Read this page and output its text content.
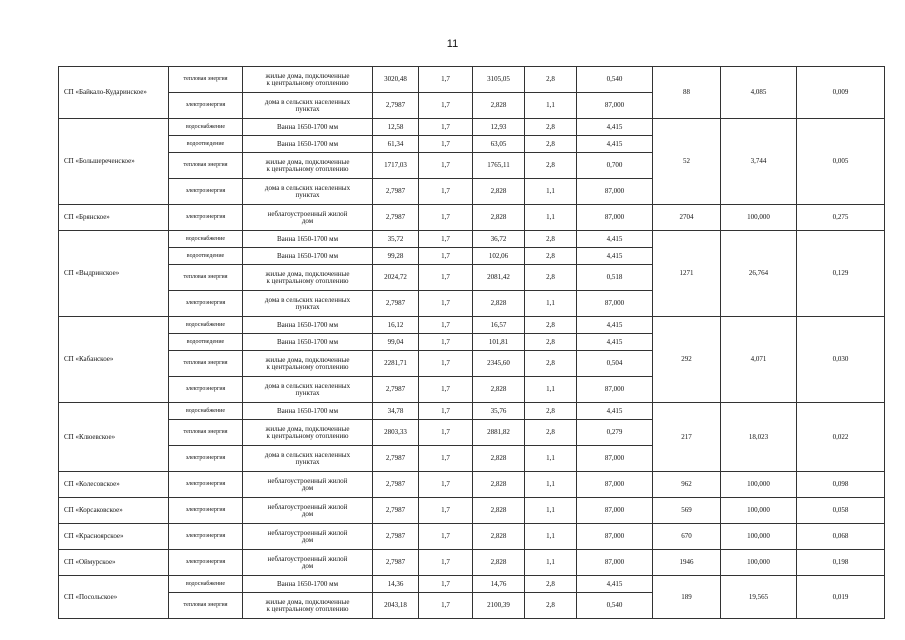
11
СП «Байкало-Кударинское»	тепловая энергия	жилые дома, подключенные
к центральному отоплению	3020,48	1,7	3105,05	2,8	0,540	88	4,085	0,009
	электроэнергия	дома в сельских населенных
пунктах	2,7987	1,7	2,828	1,1	87,000			
СП «Большереченское»	водоснабжение	Ванна 1650-1700 мм	12,58	1,7	12,93	2,8	4,415	52	3,744	0,005
	водоотведение	Ванна 1650-1700 мм	61,34	1,7	63,05	2,8	4,415			
	тепловая энергия	жилые дома, подключенные
к центральному отоплению	1717,03	1,7	1765,11	2,8	0,700			
	электроэнергия	дома в сельских населенных
пунктах	2,7987	1,7	2,828	1,1	87,000			
СП «Брянское»	электроэнергия	неблагоустроенный жилой
дом	2,7987	1,7	2,828	1,1	87,000	2704	100,000	0,275
СП «Выдринское»	водоснабжение	Ванна 1650-1700 мм	35,72	1,7	36,72	2,8	4,415	1271	26,764	0,129
	водоотведение	Ванна 1650-1700 мм	99,28	1,7	102,06	2,8	4,415			
	тепловая энергия	жилые дома, подключенные
к центральному отоплению	2024,72	1,7	2081,42	2,8	0,518			
	электроэнергия	дома в сельских населенных
пунктах	2,7987	1,7	2,828	1,1	87,000			
СП «Кабанское»	водоснабжение	Ванна 1650-1700 мм	16,12	1,7	16,57	2,8	4,415	292	4,071	0,030
	водоотведение	Ванна 1650-1700 мм	99,04	1,7	101,81	2,8	4,415			
	тепловая энергия	жилые дома, подключенные
к центральному отоплению	2281,71	1,7	2345,60	2,8	0,504			
	электроэнергия	дома в сельских населенных
пунктах	2,7987	1,7	2,828	1,1	87,000			
СП «Клюевское»	водоснабжение	Ванна 1650-1700 мм	34,78	1,7	35,76	2,8	4,415	217	18,023	0,022
	тепловая энергия	жилые дома, подключенные
к центральному отоплению	2803,33	1,7	2881,82	2,8	0,279			
	электроэнергия	дома в сельских населенных
пунктах	2,7987	1,7	2,828	1,1	87,000			
СП «Колесовское»	электроэнергия	неблагоустроенный жилой
дом	2,7987	1,7	2,828	1,1	87,000	962	100,000	0,098
СП «Корсаковское»	электроэнергия	неблагоустроенный жилой
дом	2,7987	1,7	2,828	1,1	87,000	569	100,000	0,058
СП «Красноярское»	электроэнергия	неблагоустроенный жилой
дом	2,7987	1,7	2,828	1,1	87,000	670	100,000	0,068
СП «Оймурское»	электроэнергия	неблагоустроенный жилой
дом	2,7987	1,7	2,828	1,1	87,000	1946	100,000	0,198
СП «Посольское»	водоснабжение	Ванна 1650-1700 мм	14,36	1,7	14,76	2,8	4,415	189	19,565	0,019
	тепловая энергия	жилые дома, подключенные
к центральному отоплению	2043,18	1,7	2100,39	2,8	0,540			
